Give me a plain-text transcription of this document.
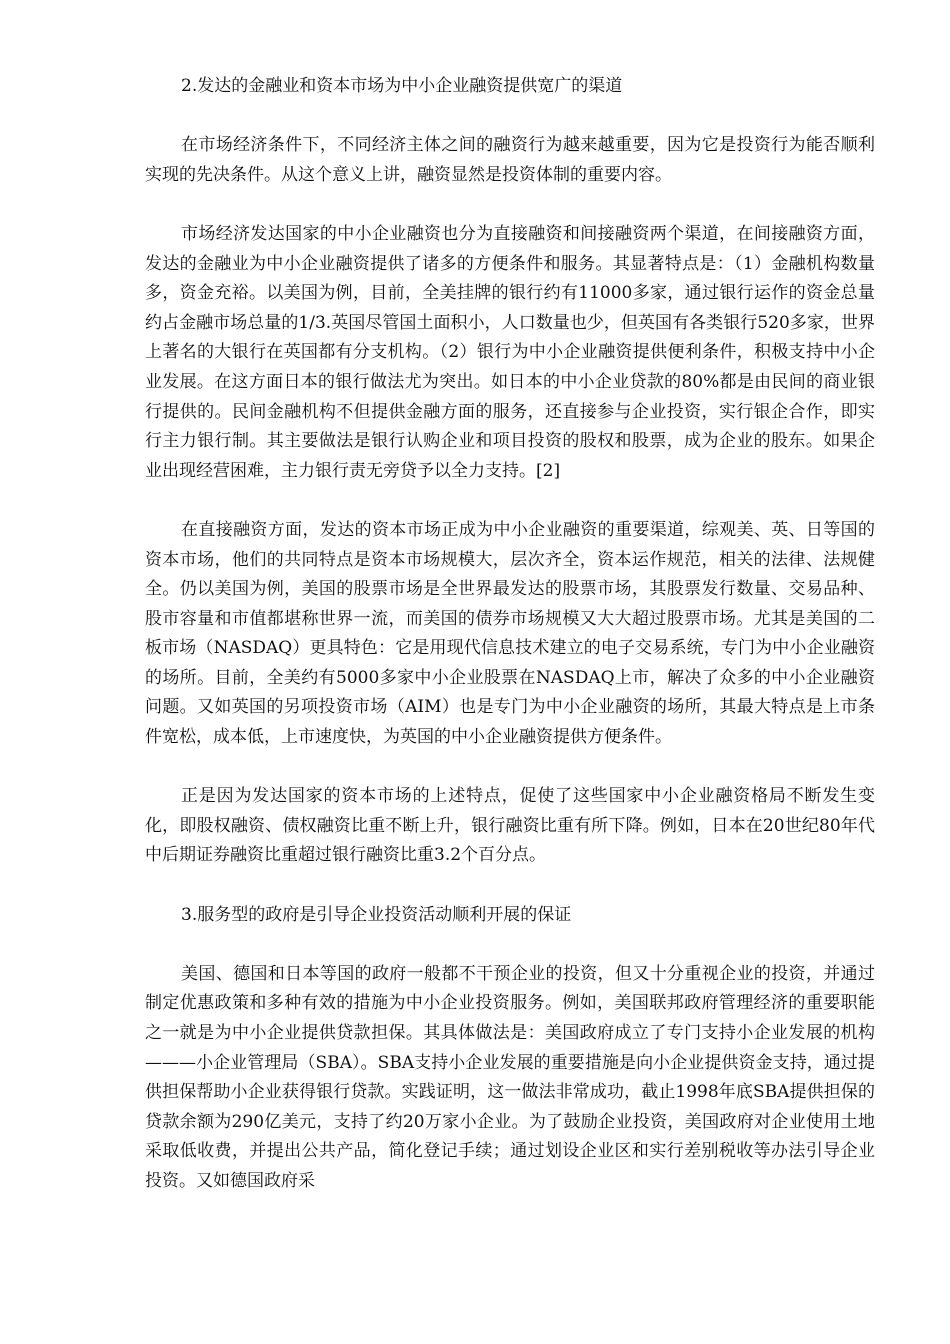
2.发达的金融业和资本市场为中小企业融资提供宽广的渠道

在市场经济条件下，不同经济主体之间的融资行为越来越重要，因为它是投资行为能否顺利实现的先决条件。从这个意义上讲，融资显然是投资体制的重要内容。

市场经济发达国家的中小企业融资也分为直接融资和间接融资两个渠道，在间接融资方面，发达的金融业为中小企业融资提供了诸多的方便条件和服务。其显著特点是：（1）金融机构数量多，资金充裕。以美国为例，目前，全美挂牌的银行约有11000多家，通过银行运作的资金总量约占金融市场总量的1/3.英国尽管国土面积小，人口数量也少，但英国有各类银行520多家，世界上著名的大银行在英国都有分支机构。（2）银行为中小企业融资提供便利条件，积极支持中小企业发展。在这方面日本的银行做法尤为突出。如日本的中小企业贷款的80%都是由民间的商业银行提供的。民间金融机构不但提供金融方面的服务，还直接参与企业投资，实行银企合作，即实行主力银行制。其主要做法是银行认购企业和项目投资的股权和股票，成为企业的股东。如果企业出现经营困难，主力银行责无旁贷予以全力支持。[2]

在直接融资方面，发达的资本市场正成为中小企业融资的重要渠道，综观美、英、日等国的资本市场，他们的共同特点是资本市场规模大，层次齐全，资本运作规范，相关的法律、法规健全。仍以美国为例，美国的股票市场是全世界最发达的股票市场，其股票发行数量、交易品种、股市容量和市值都堪称世界一流，而美国的债券市场规模又大大超过股票市场。尤其是美国的二板市场（NASDAQ）更具特色：它是用现代信息技术建立的电子交易系统，专门为中小企业融资的场所。目前，全美约有5000多家中小企业股票在NASDAQ上市，解决了众多的中小企业融资问题。又如英国的另项投资市场（AIM）也是专门为中小企业融资的场所，其最大特点是上市条件宽松，成本低，上市速度快，为英国的中小企业融资提供方便条件。

正是因为发达国家的资本市场的上述特点，促使了这些国家中小企业融资格局不断发生变化，即股权融资、债权融资比重不断上升，银行融资比重有所下降。例如，日本在20世纪80年代中后期证券融资比重超过银行融资比重3.2个百分点。

3.服务型的政府是引导企业投资活动顺利开展的保证

美国、德国和日本等国的政府一般都不干预企业的投资，但又十分重视企业的投资，并通过制定优惠政策和多种有效的措施为中小企业投资服务。例如，美国联邦政府管理经济的重要职能之一就是为中小企业提供贷款担保。其具体做法是：美国政府成立了专门支持小企业发展的机构———小企业管理局（SBA）。SBA支持小企业发展的重要措施是向小企业提供资金支持，通过提供担保帮助小企业获得银行贷款。实践证明，这一做法非常成功，截止1998年底SBA提供担保的贷款余额为290亿美元，支持了约20万家小企业。为了鼓励企业投资，美国政府对企业使用土地采取低收费，并提出公共产品，简化登记手续；通过划设企业区和实行差别税收等办法引导企业投资。又如德国政府采
